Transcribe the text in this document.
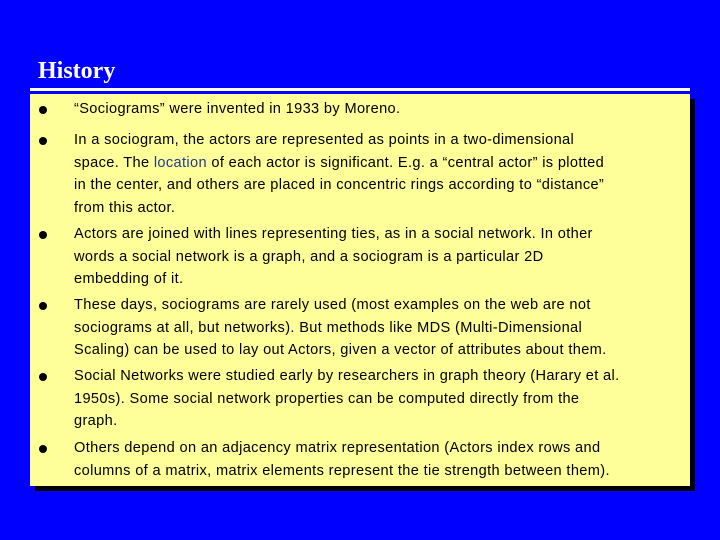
History
“Sociograms” were invented in 1933 by Moreno.
In a sociogram, the actors are represented as points in a two-dimensional
space. The location of each actor is significant. E.g. a “central actor” is plotted
in the center, and others are placed in concentric rings according to “distance”
from this actor.
Actors are joined with lines representing ties, as in a social network. In other
words a social network is a graph, and a sociogram is a particular 2D
embedding of it.
These days, sociograms are rarely used (most examples on the web are not
sociograms at all, but networks). But methods like MDS (Multi-Dimensional
Scaling) can be used to lay out Actors, given a vector of attributes about them.
Social Networks were studied early by researchers in graph theory (Harary et al.
1950s). Some social network properties can be computed directly from the
graph.
Others depend on an adjacency matrix representation (Actors index rows and
columns of a matrix, matrix elements represent the tie strength between them).
